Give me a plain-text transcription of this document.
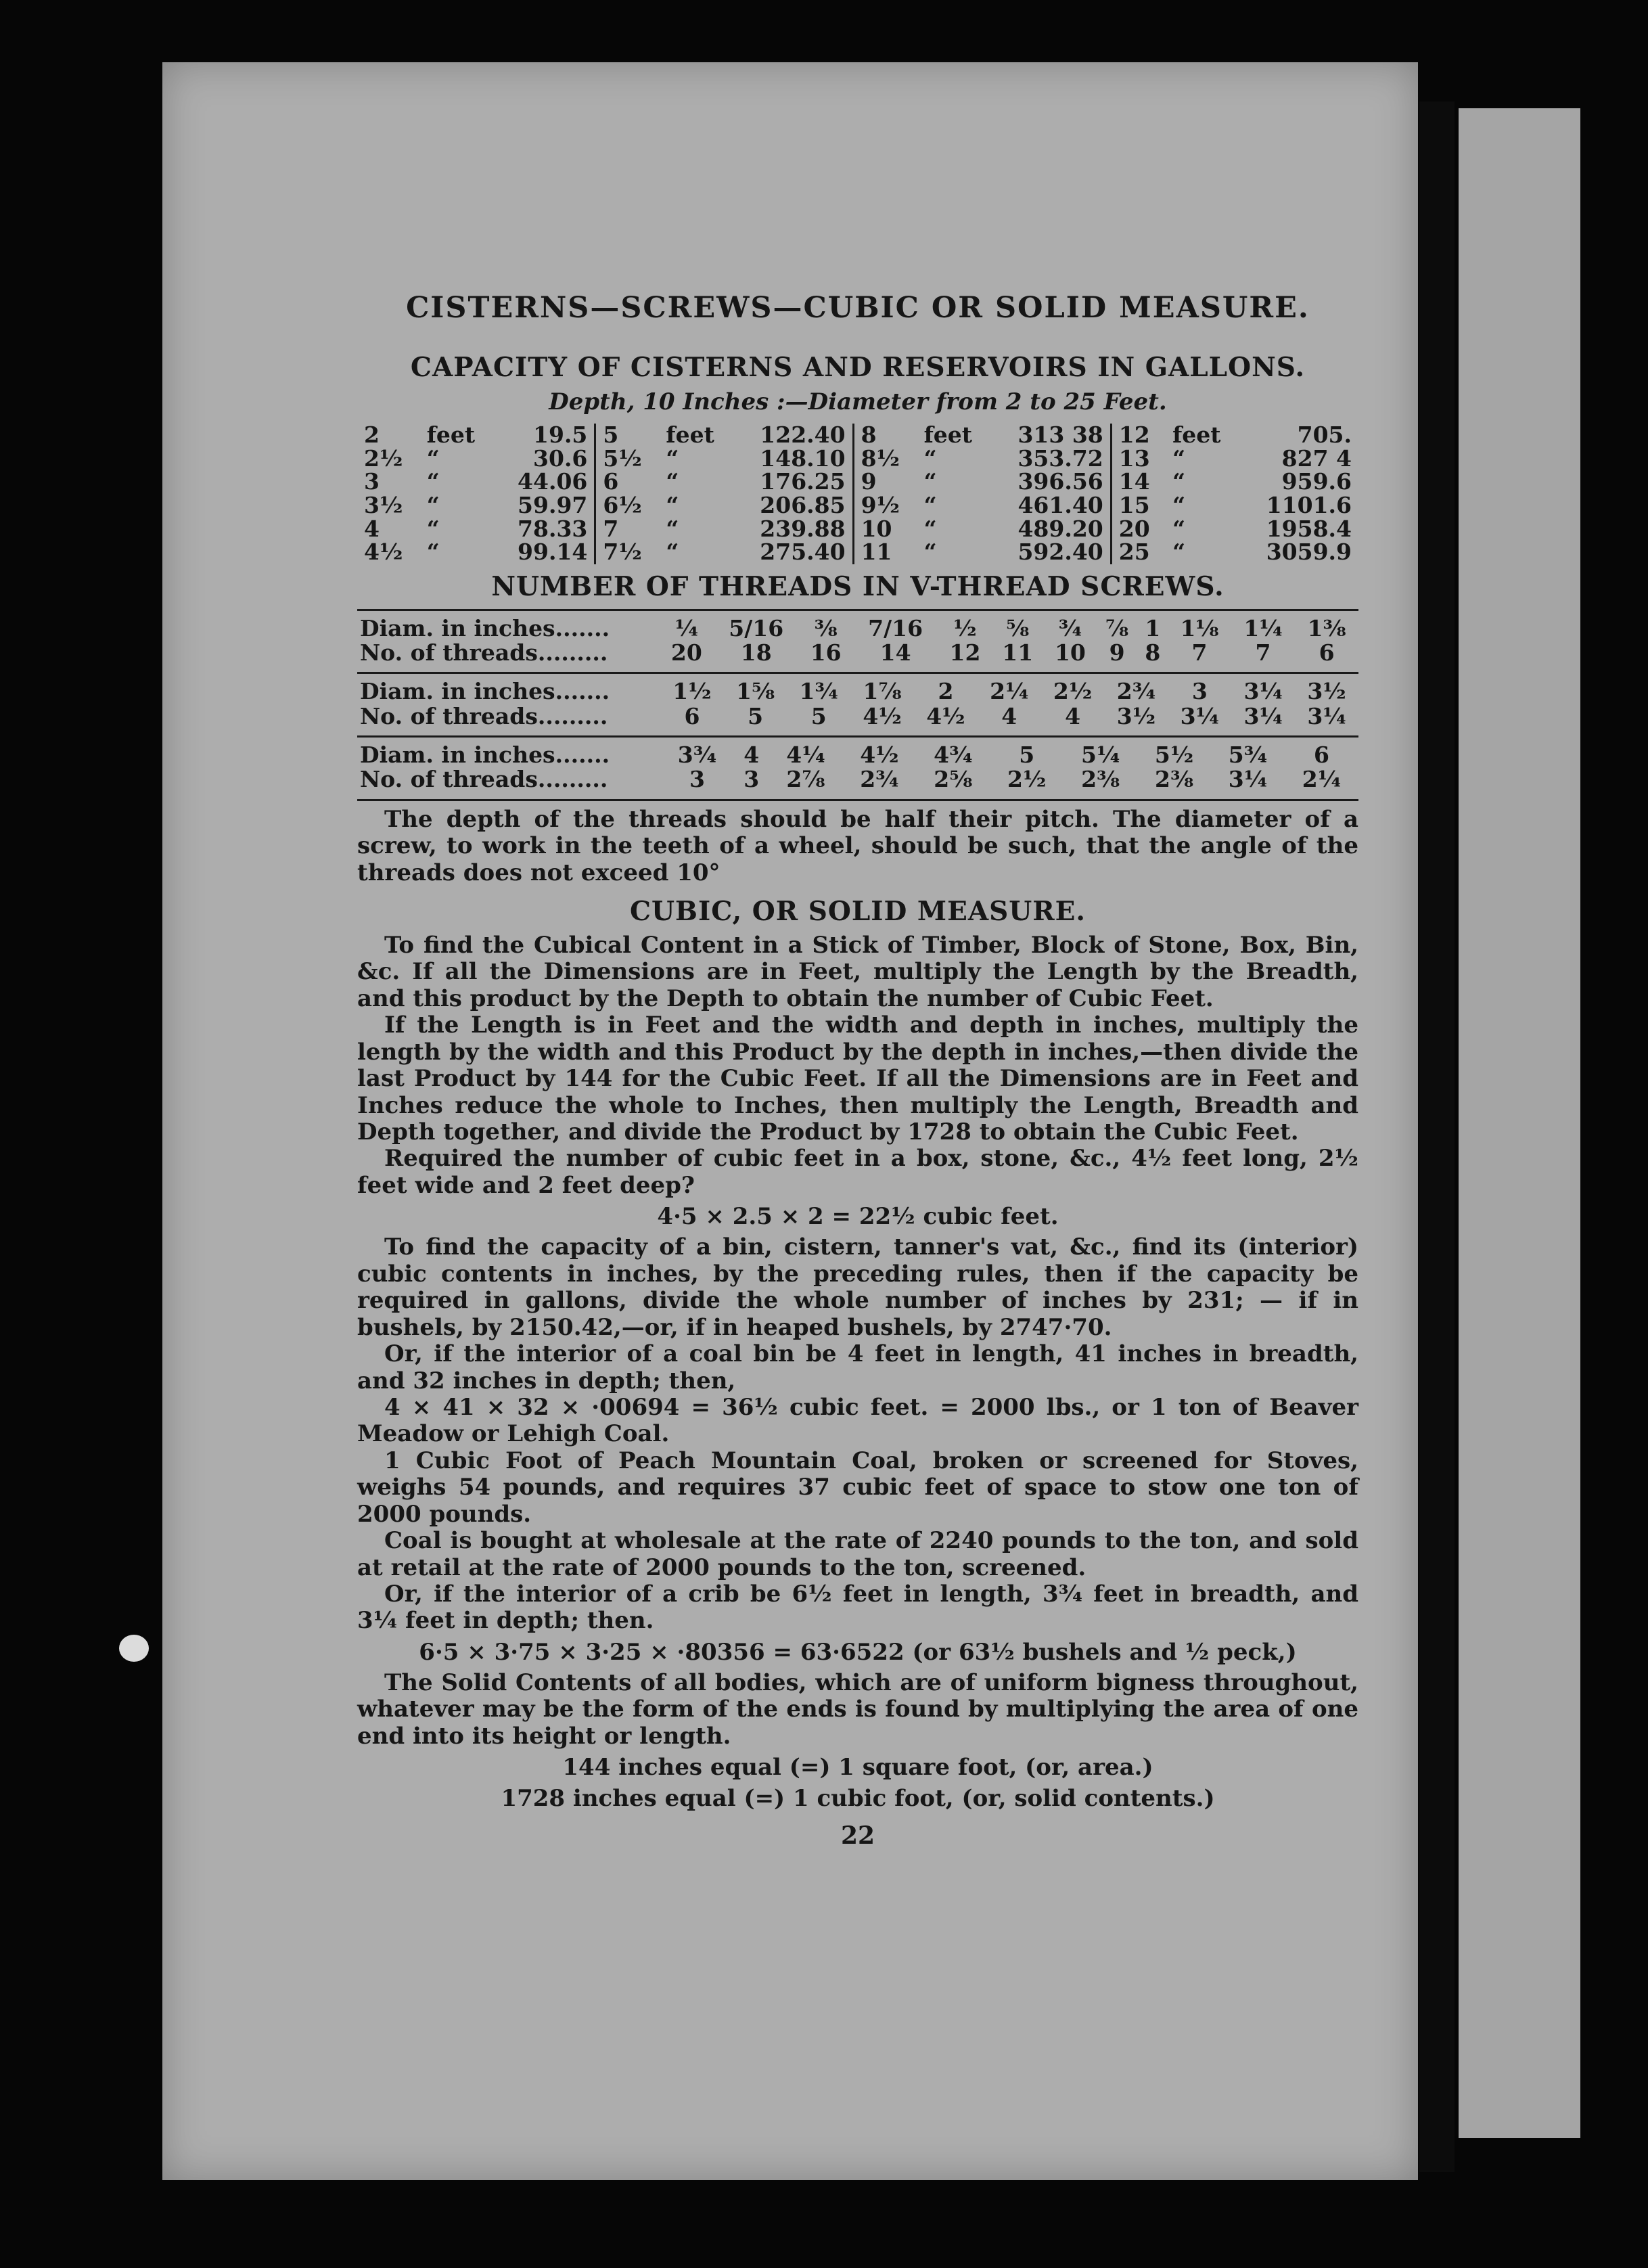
CISTERNS—SCREWS—CUBIC OR SOLID MEASURE.
CAPACITY OF CISTERNS AND RESERVOIRS IN GALLONS.
Depth, 10 Inches :—Diameter from 2 to 25 Feet.
2	feet	19.5	5	feet	122.40	8	feet	313 38	12	feet	705.
2½	“	30.6	5½	“	148.10	8½	“	353.72	13	“	827 4
3	“	44.06	6	“	176.25	9	“	396.56	14	“	959.6
3½	“	59.97	6½	“	206.85	9½	“	461.40	15	“	1101.6
4	“	78.33	7	“	239.88	10	“	489.20	20	“	1958.4
4½	“	99.14	7½	“	275.40	11	“	592.40	25	“	3059.9
NUMBER OF THREADS IN V-THREAD SCREWS.
Diam. in inches.......	¼	5/16	⅜	7/16	½	⅝	¾	⅞	1	1⅛	1¼	1⅜
No. of threads.........	20	18	16	14	12	11	10	9	8	7	7	6
Diam. in inches.......	1½	1⅝	1¾	1⅞	2	2¼	2½	2¾	3	3¼	3½
No. of threads.........	6	5	5	4½	4½	4	4	3½	3¼	3¼	3¼
Diam. in inches.......	3¾	4	4¼	4½	4¾	5	5¼	5½	5¾	6
No. of threads.........	3	3	2⅞	2¾	2⅝	2½	2⅜	2⅜	3¼	2¼

The depth of the threads should be half their pitch. The diameter of a screw, to work in the teeth of a wheel, should be such, that the angle of the threads does not exceed 10°

CUBIC, OR SOLID MEASURE.

To find the Cubical Content in a Stick of Timber, Block of Stone, Box, Bin, &c. If all the Dimensions are in Feet, multiply the Length by the Breadth, and this product by the Depth to obtain the number of Cubic Feet.

If the Length is in Feet and the width and depth in inches, multiply the length by the width and this Product by the depth in inches,—then divide the last Product by 144 for the Cubic Feet. If all the Dimensions are in Feet and Inches reduce the whole to Inches, then multiply the Length, Breadth and Depth together, and divide the Product by 1728 to obtain the Cubic Feet.

Required the number of cubic feet in a box, stone, &c., 4½ feet long, 2½ feet wide and 2 feet deep?

4·5 × 2.5 × 2 = 22½ cubic feet.

To find the capacity of a bin, cistern, tanner's vat, &c., find its (interior) cubic contents in inches, by the preceding rules, then if the capacity be required in gallons, divide the whole number of inches by 231; — if in bushels, by 2150.42,—or, if in heaped bushels, by 2747·70.

Or, if the interior of a coal bin be 4 feet in length, 41 inches in breadth, and 32 inches in depth; then,

4 × 41 × 32 × ·00694 = 36½ cubic feet. = 2000 lbs., or 1 ton of Beaver Meadow or Lehigh Coal.

1 Cubic Foot of Peach Mountain Coal, broken or screened for Stoves, weighs 54 pounds, and requires 37 cubic feet of space to stow one ton of 2000 pounds.

Coal is bought at wholesale at the rate of 2240 pounds to the ton, and sold at retail at the rate of 2000 pounds to the ton, screened.

Or, if the interior of a crib be 6½ feet in length, 3¾ feet in breadth, and 3¼ feet in depth; then.

6·5 × 3·75 × 3·25 × ·80356 = 63·6522 (or 63½ bushels and ½ peck,)

The Solid Contents of all bodies, which are of uniform bigness throughout, whatever may be the form of the ends is found by multiplying the area of one end into its height or length.

144 inches equal (=) 1 square foot, (or, area.)
1728 inches equal (=) 1 cubic foot, (or, solid contents.)
22
